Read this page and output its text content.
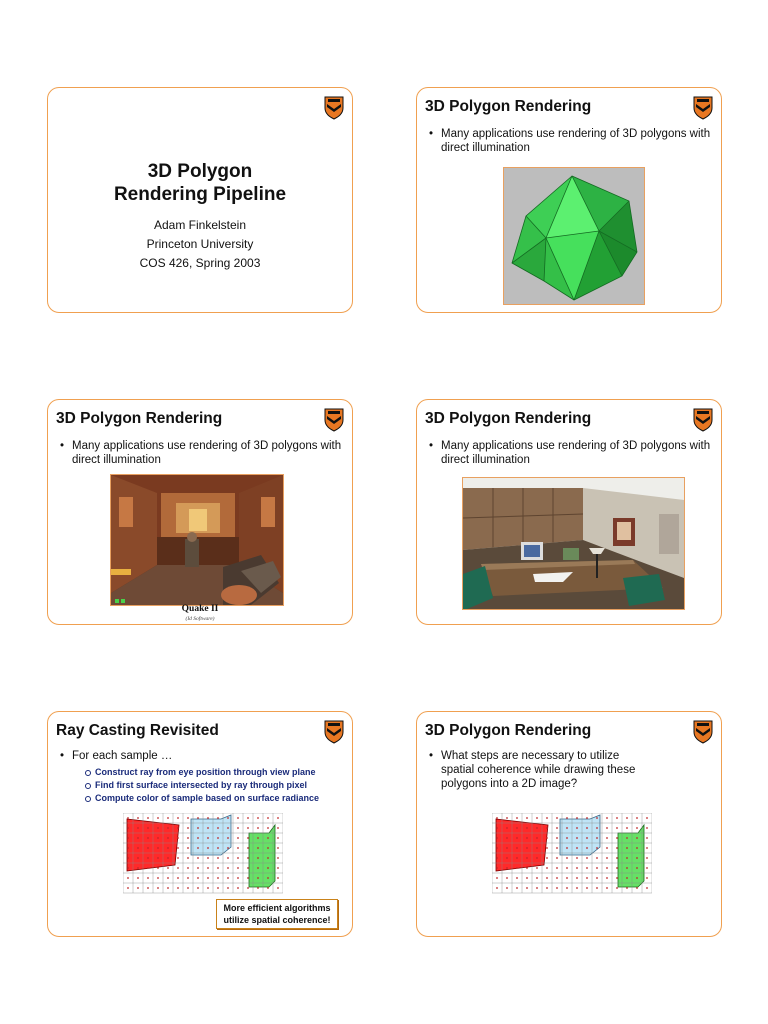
3D Polygon
Rendering Pipeline
Adam Finkelstein
Princeton University
COS 426, Spring 2003
3D Polygon Rendering
• Many applications use rendering of 3D polygons with direct illumination
3D Polygon Rendering
• Many applications use rendering of 3D polygons with direct illumination
Quake II
(Id Software)
3D Polygon Rendering
• Many applications use rendering of 3D polygons with direct illumination
Ray Casting Revisited
• For each sample …
Construct ray from eye position through view plane
Find first surface intersected by ray through pixel
Compute color of sample based on surface radiance
More efficient algorithms
utilize spatial coherence!
3D Polygon Rendering
• What steps are necessary to utilize spatial coherence while drawing these polygons into a 2D image?
